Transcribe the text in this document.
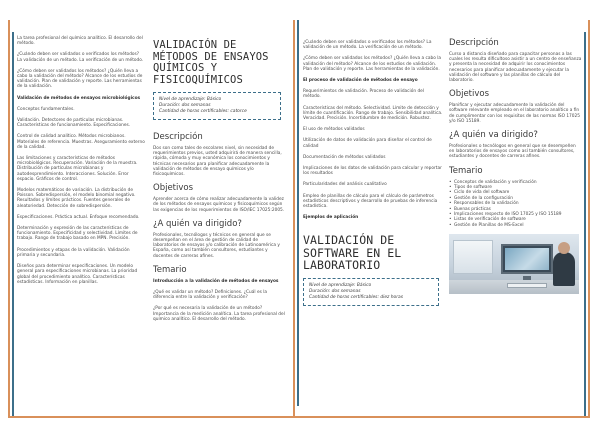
La tarea profesional del químico analítico. El desarrollo del método.
¿Cuándo deben ser validados o verificados los métodos? La validación de un método. La verificación de un método.
¿Cómo deben ser validados los métodos? ¿Quién lleva a cabo la validación del método? Alcance de los estudios de validación. Plan de validación y reporte. Las herramientas de la validación.
Validación de métodos de ensayos microbiológicos
Conceptos fundamentales.
Validación. Detectores de partículas microbianas. Características de funcionamiento. Especificaciones.
Control de calidad analítico. Métodos microbianos. Materiales de referencia. Muestras. Aseguramiento externo de la calidad.
Las limitaciones y características de métodos microbiológicos. Recuperación. Variación de la muestra. Distribución de partículas microbianas y autodesprendimiento. Interacciones. Solución. Error espacio. Gráficos de control.
Modelos matemáticos de variación. La distribución de Poisson. Sobredispersión, el modelo binomial negativo. Resultados y límites prácticos. Fuentes generales de aleatoriedad. Detección de sobredispersión.
Especificaciones. Práctica actual. Enfoque recomendado.
Determinación y expresión de las características de funcionamiento. Especificidad y selectividad. Límites de trabajo. Rango de trabajo basado en MPN. Precisión.
Procedimientos y etapas de la validación. Validación primaria y secundaria.
Diseños para determinar especificaciones. Un modelo general para especificaciones microbianas. La prioridad global del procedimiento analítico. Características estadísticas. Información en planillas.
VALIDACIÓN DE MÉTODOS DE ENSAYOS QUÍMICOS Y FISICOQUÍMICOS
Nivel de aprendizaje: Básico
Duración: dos semanas
Cantidad de horas certificables: catorce
Descripción
Dos son como tales de escolares nivel, sin necesidad de requerimientos previos, usted adquirirá de manera sencilla, rápida, cómoda y muy económica los conocimientos y técnicas necesarios para planificar adecuadamente la validación de métodos de ensayo químicos y/o fisicoquímicos.
Objetivos
Aprender acerca de cómo realizar adecuadamente la validez de los métodos de ensayos químicos y fisicoquímicos según las exigencias de los requerimientos de ISO/IEC 17025:2005.
¿A quién va dirigido?
Profesionales, tecnólogos y técnicos en general que se desempeñan en el área de gestión de calidad de laboratorios de ensayos y/o calibración de Latinoamérica y España, como así también consultores, estudiantes y docentes de carreras afines.
Temario
Introducción a la validación de métodos de ensayos
¿Qué es validar un método? Definiciones. ¿Cuál es la diferencia entre la validación y verificación?
¿Por qué es necesaria la validación de un método? Importancia de la medición analítica. La tarea profesional del químico analítico. El desarrollo del método.
¿Cuándo deben ser validados o verificados los métodos? La validación de un método. La verificación de un método.
¿Cómo deben ser validados los métodos? ¿Quién lleva a cabo la validación del método? Alcance de los estudios de validación. Plan de validación y reporte. Las herramientas de la validación.
El proceso de validación de métodos de ensayo
Requerimientos de validación. Proceso de validación del método.
Características del método. Selectividad. Límite de detección y límite de cuantificación. Rango de trabajo. Sensibilidad analítica. Veracidad. Precisión. Incertidumbre de medición. Robustez.
El uso de métodos validados
Utilización de datos de validación para diseñar el control de calidad
Documentación de métodos validados
Implicaciones de los datos de validación para calcular y reportar los resultados
Particularidades del análisis cualitativo
Empleo de planillas de cálculo para el cálculo de parámetros estadísticos descriptivos y desarrollo de pruebas de inferencia estadística.
Ejemplos de aplicación
VALIDACIÓN DE SOFTWARE EN EL LABORATORIO
Nivel de aprendizaje: Básico
Duración: dos semanas
Cantidad de horas certificables: diez horas
Descripción
Curso a distancia diseñado para capacitar personas a las cuales les resulta dificultoso asistir a un centro de enseñanza y presenta la necesidad de adquirir los conocimientos necesarios para planificar adecuadamente y ejecutar la validación del software y las planillas de cálculo del laboratorio.
Objetivos
Planificar y ejecutar adecuadamente la validación del software relevante empleado en el laboratorio analítico a fin de cumplimentar con los requisitos de las normas ISO 17025 y/o ISO 15189.
¿A quién va dirigido?
Profesionales o tecnólogos en general que se desempeñen en laboratorios de ensayos como así también consultores, estudiantes y docentes de carreras afines.
Temario
• Conceptos de validación y verificación
• Tipos de software
• Ciclo de vida del software
• Gestión de la configuración
• Responsables de la validación
• Buenas prácticas
• Implicaciones respecto de ISO 17025 y ISO 15189
• Listas de verificación de software
• Gestión de Planillas de MS-Excel
